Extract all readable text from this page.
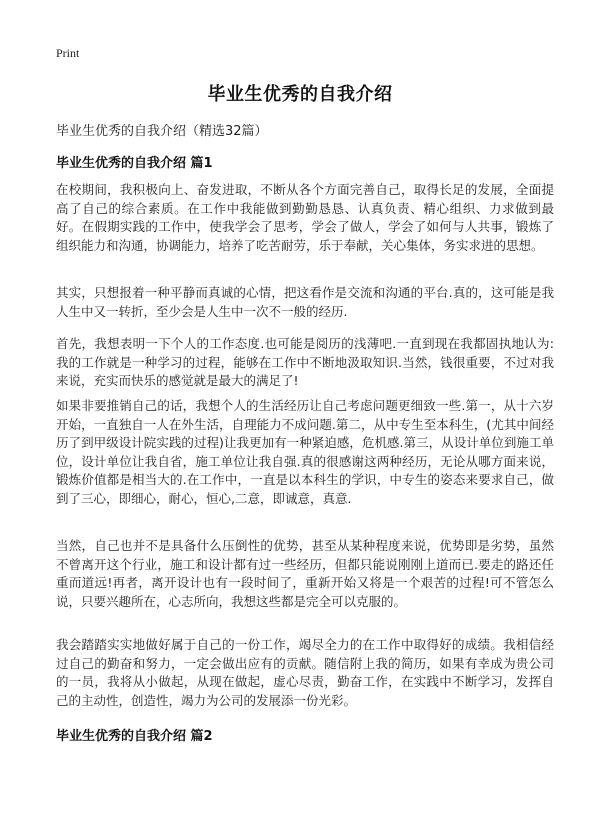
Print
毕业生优秀的自我介绍
毕业生优秀的自我介绍（精选32篇）
毕业生优秀的自我介绍 篇1
在校期间，我积极向上、奋发进取，不断从各个方面完善自己，取得长足的发展，全面提高了自己的综合素质。在工作中我能做到勤勤恳恳、认真负责、精心组织、力求做到最好。在假期实践的工作中，使我学会了思考，学会了做人，学会了如何与人共事，锻炼了组织能力和沟通，协调能力，培养了吃苦耐劳，乐于奉献，关心集体，务实求进的思想。
其实，只想报着一种平静而真诚的心情，把这看作是交流和沟通的平台.真的，这可能是我人生中又一转折，至少会是人生中一次不一般的经历.
首先，我想表明一下个人的工作态度.也可能是阅历的浅薄吧.一直到现在我都固执地认为:我的工作就是一种学习的过程，能够在工作中不断地汲取知识.当然，钱很重要，不过对我来说，充实而快乐的感觉就是最大的满足了!
如果非要推销自己的话，我想个人的生活经历让自己考虑问题更细致一些.第一，从十六岁开始，一直独自一人在外生活，自理能力不成问题.第二，从中专生至本科生，(尤其中间经历了到甲级设计院实践的过程)让我更加有一种紧迫感，危机感.第三，从设计单位到施工单位，设计单位让我自省，施工单位让我自强.真的很感谢这两种经历，无论从哪方面来说，锻炼价值都是相当大的.在工作中，一直是以本科生的学识，中专生的姿态来要求自己，做到了三心，即细心，耐心，恒心,二意，即诚意，真意.
当然，自己也并不是具备什么压倒性的优势，甚至从某种程度来说，优势即是劣势，虽然不曾离开这个行业，施工和设计都有过一些经历，但都只能说刚刚上道而已.要走的路还任重而道远!再者，离开设计也有一段时间了，重新开始又将是一个艰苦的过程!可不管怎么说，只要兴趣所在，心志所向，我想这些都是完全可以克服的。
我会踏踏实实地做好属于自己的一份工作，竭尽全力的在工作中取得好的成绩。我相信经过自己的勤奋和努力，一定会做出应有的贡献。随信附上我的简历，如果有幸成为贵公司的一员，我将从小做起，从现在做起，虚心尽责，勤奋工作，在实践中不断学习，发挥自己的主动性，创造性，竭力为公司的发展添一份光彩。
毕业生优秀的自我介绍 篇2
